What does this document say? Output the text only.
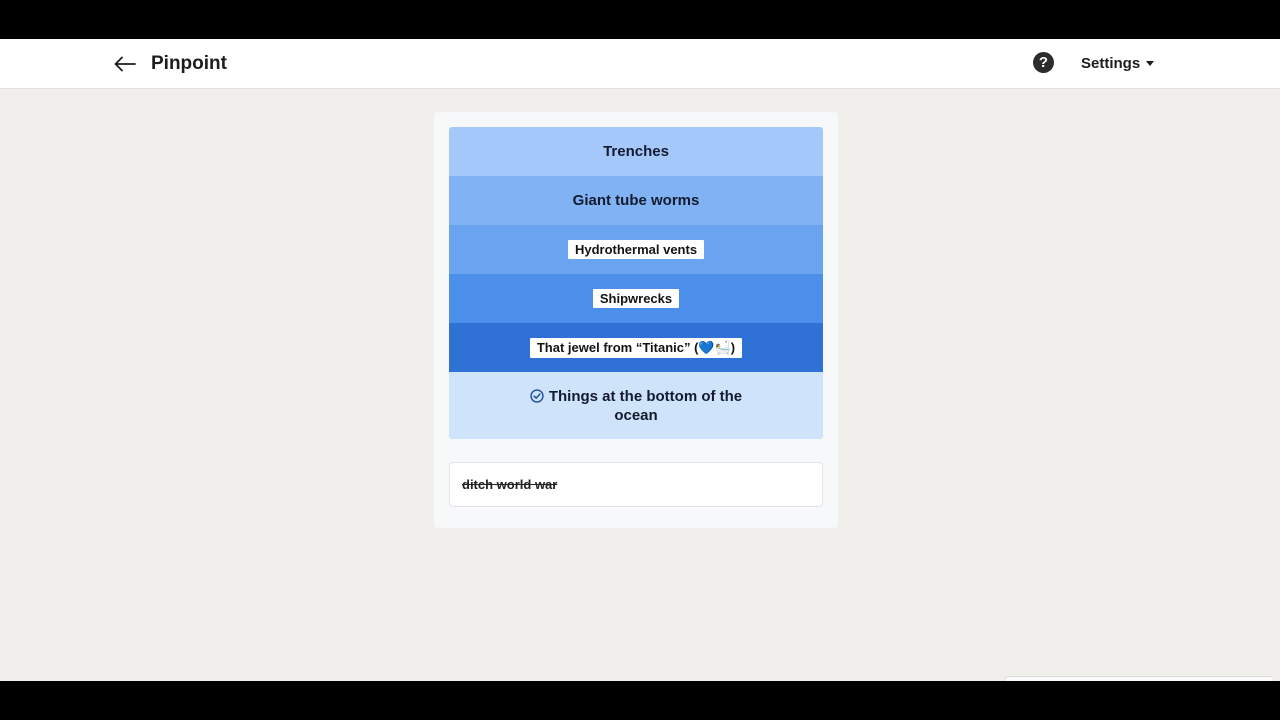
Pinpoint	? Settings
Trenches
Giant tube worms
Hydrothermal vents
Shipwrecks
That jewel from “Titanic” (💙🛀)
Things at the bottom of the ocean
ditch world war
